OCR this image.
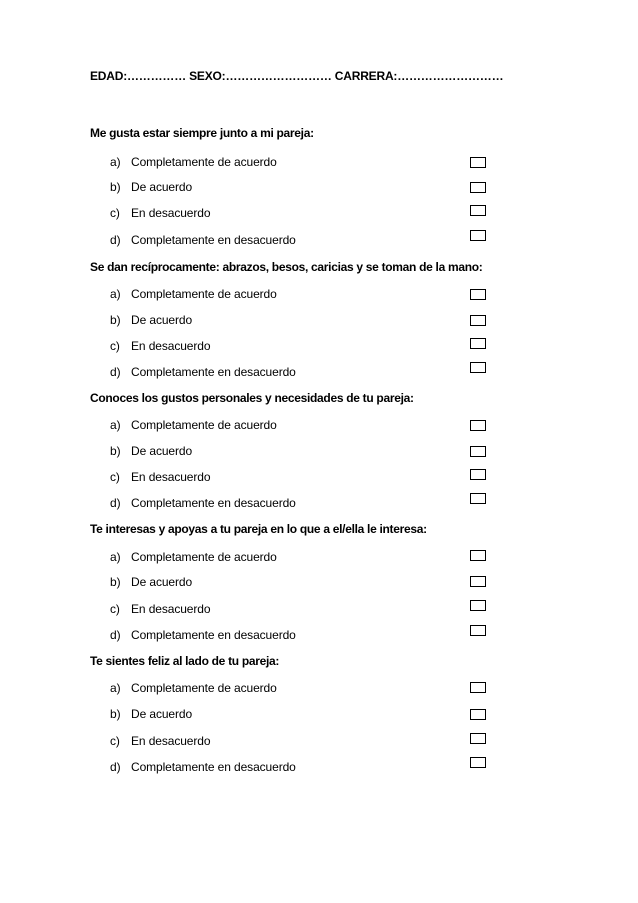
EDAD:…………… SEXO:……………………… CARRERA:………………………
Me gusta estar siempre junto a mi pareja:
a) Completamente de acuerdo
b) De acuerdo
c) En desacuerdo
d) Completamente en desacuerdo
Se dan recíprocamente: abrazos, besos, caricias y se toman de la mano:
a) Completamente de acuerdo
b) De acuerdo
c) En desacuerdo
d) Completamente en desacuerdo
Conoces los gustos personales y necesidades de tu pareja:
a) Completamente de acuerdo
b) De acuerdo
c) En desacuerdo
d) Completamente en desacuerdo
Te interesas y apoyas a tu pareja en lo que a el/ella le interesa:
a) Completamente de acuerdo
b) De acuerdo
c) En desacuerdo
d) Completamente en desacuerdo
Te sientes feliz al lado de tu pareja:
a) Completamente de acuerdo
b) De acuerdo
c) En desacuerdo
d) Completamente en desacuerdo
